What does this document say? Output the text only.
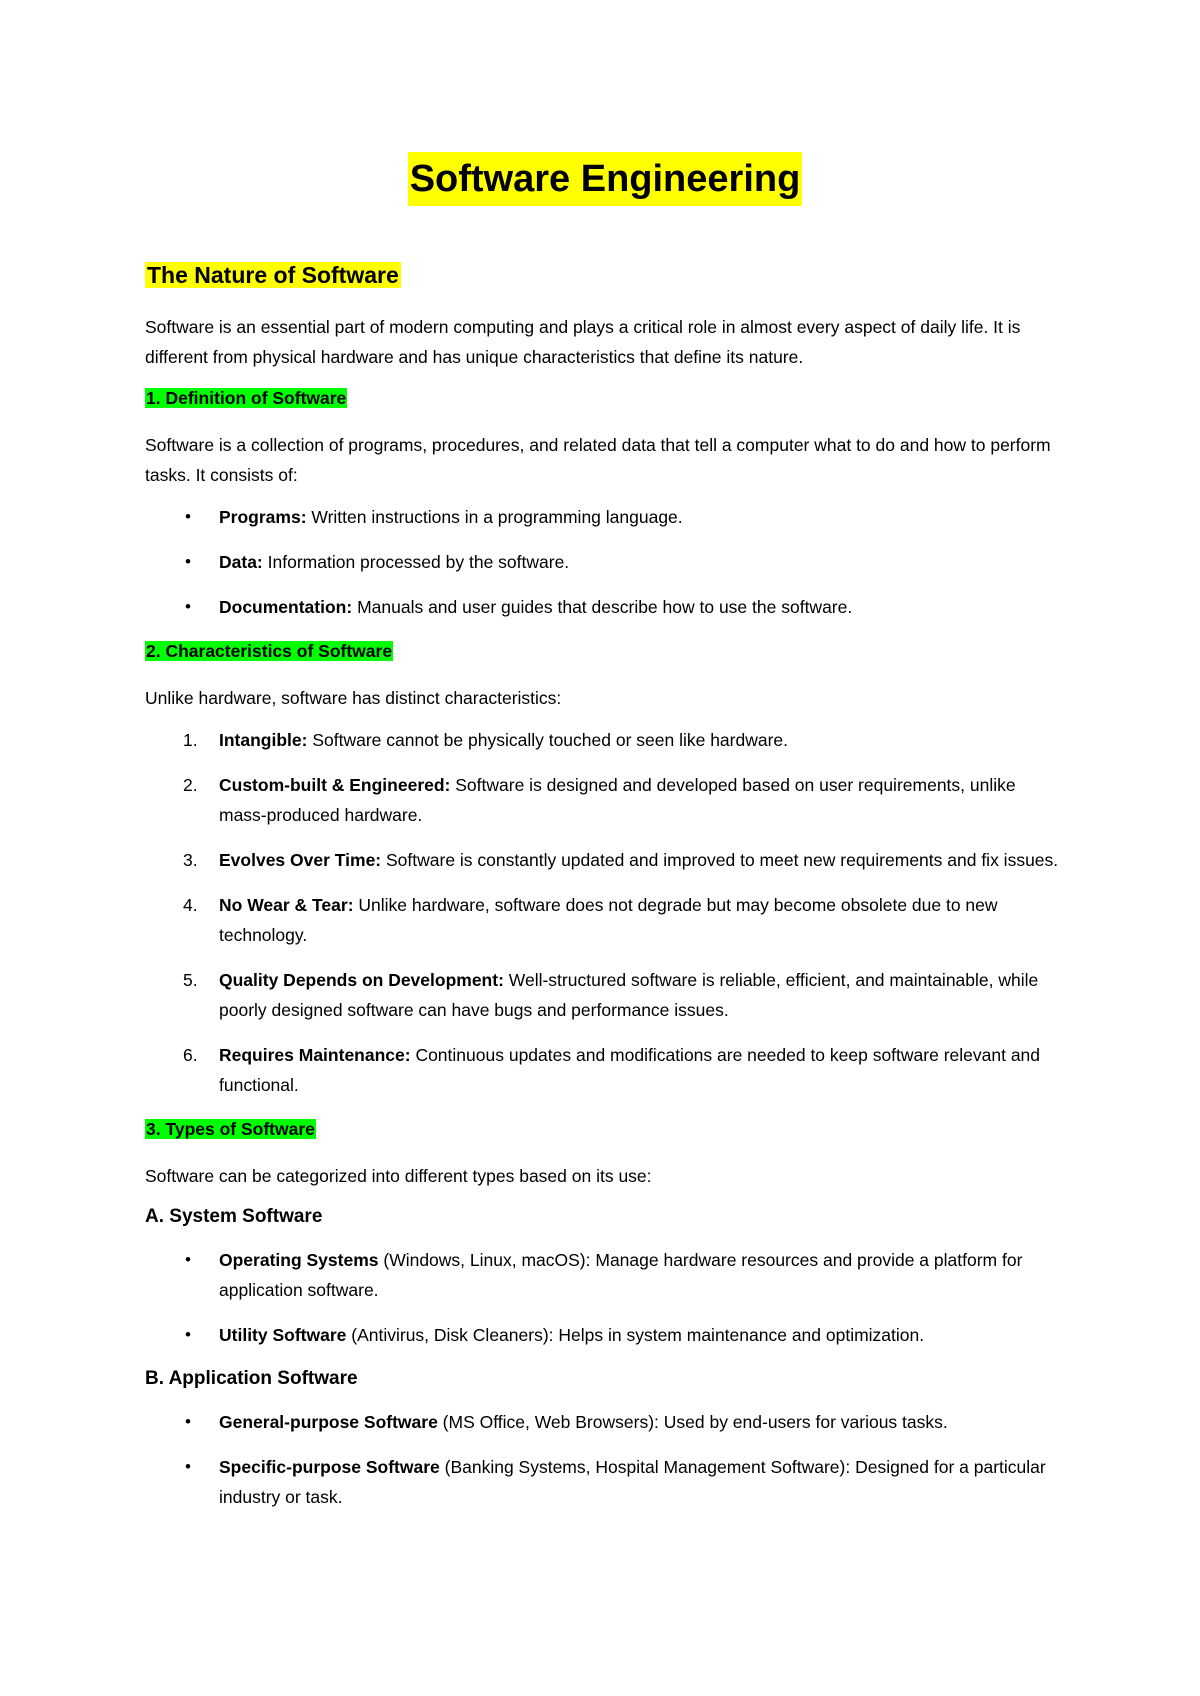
Software Engineering
The Nature of Software

Software is an essential part of modern computing and plays a critical role in almost every aspect of daily life. It is different from physical hardware and has unique characteristics that define its nature.

1. Definition of Software

Software is a collection of programs, procedures, and related data that tell a computer what to do and how to perform tasks. It consists of:

• Programs: Written instructions in a programming language.
• Data: Information processed by the software.
• Documentation: Manuals and user guides that describe how to use the software.
2. Characteristics of Software

Unlike hardware, software has distinct characteristics:

1. Intangible: Software cannot be physically touched or seen like hardware.
2. Custom-built & Engineered: Software is designed and developed based on user requirements, unlike mass-produced hardware.
3. Evolves Over Time: Software is constantly updated and improved to meet new requirements and fix issues.
4. No Wear & Tear: Unlike hardware, software does not degrade but may become obsolete due to new technology.
5. Quality Depends on Development: Well-structured software is reliable, efficient, and maintainable, while poorly designed software can have bugs and performance issues.
6. Requires Maintenance: Continuous updates and modifications are needed to keep software relevant and functional.
3. Types of Software

Software can be categorized into different types based on its use:

A. System Software
• Operating Systems (Windows, Linux, macOS): Manage hardware resources and provide a platform for application software.
• Utility Software (Antivirus, Disk Cleaners): Helps in system maintenance and optimization.
B. Application Software
• General-purpose Software (MS Office, Web Browsers): Used by end-users for various tasks.
• Specific-purpose Software (Banking Systems, Hospital Management Software): Designed for a particular industry or task.
